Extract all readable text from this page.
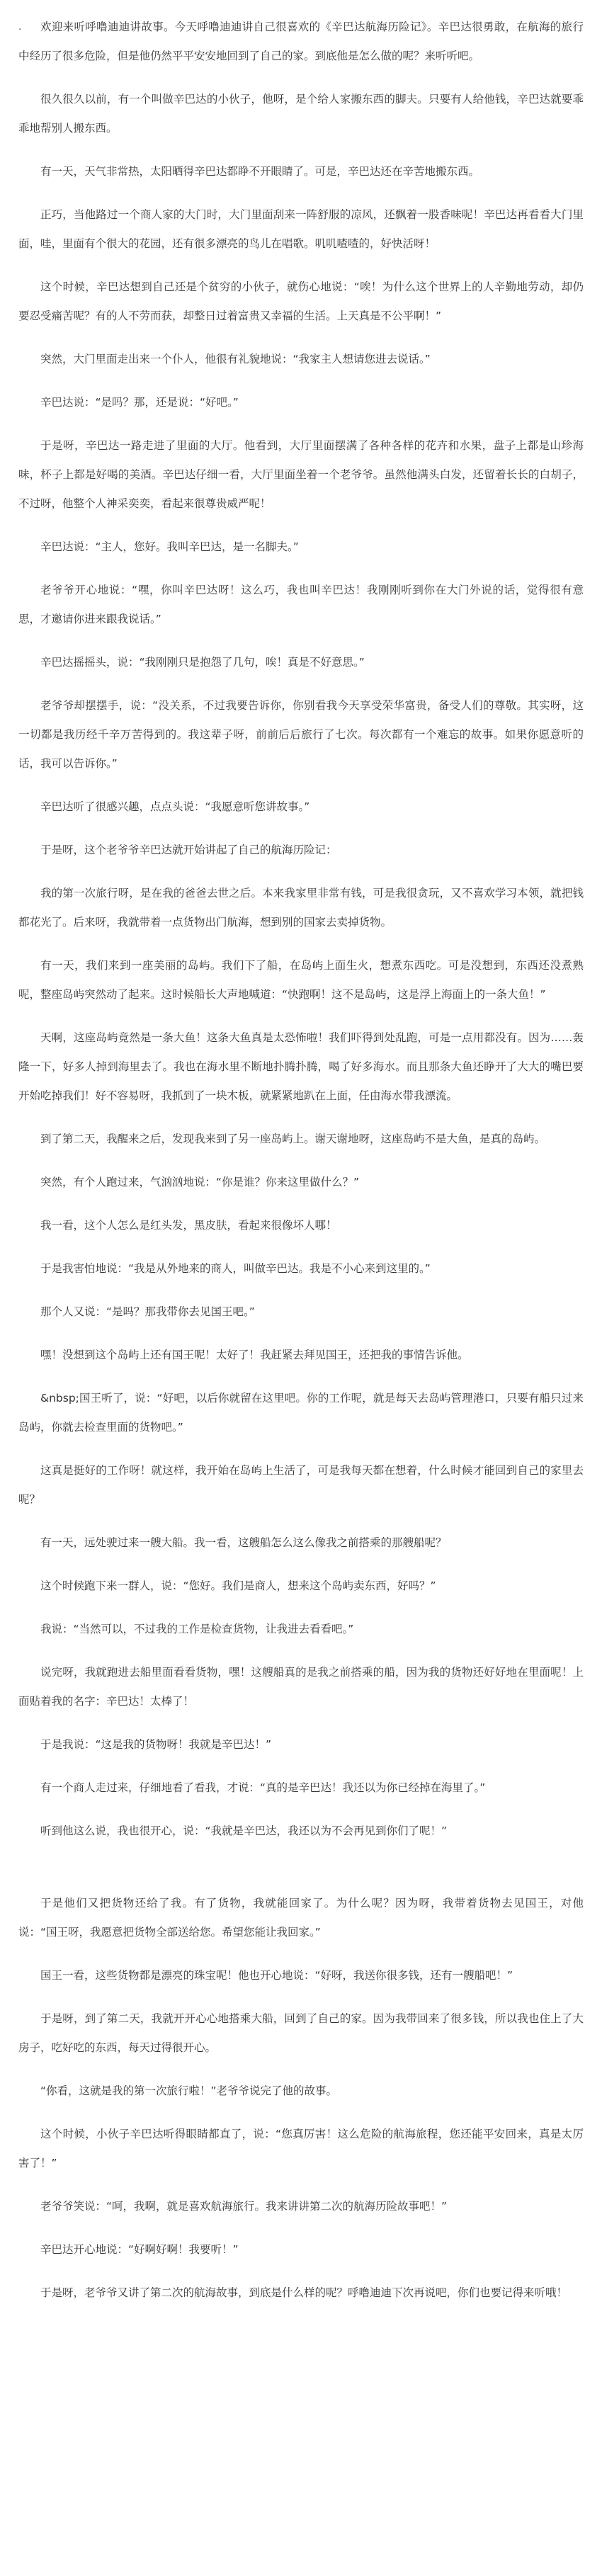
.	欢迎来听呼噜迪迪讲故事。今天呼噜迪迪讲自己很喜欢的《辛巴达航海历险记》。辛巴达很勇敢，在航海的旅行中经历了很多危险，但是他仍然平平安安地回到了自己的家。到底他是怎么做的呢？来听听吧。

很久很久以前，有一个叫做辛巴达的小伙子，他呀，是个给人家搬东西的脚夫。只要有人给他钱，辛巴达就要乖乖地帮别人搬东西。

有一天，天气非常热，太阳晒得辛巴达都睁不开眼睛了。可是，辛巴达还在辛苦地搬东西。

正巧，当他路过一个商人家的大门时，大门里面刮来一阵舒服的凉风，还飘着一股香味呢！辛巴达再看看大门里面，哇，里面有个很大的花园，还有很多漂亮的鸟儿在唱歌。叽叽喳喳的，好快活呀！

这个时候，辛巴达想到自己还是个贫穷的小伙子，就伤心地说：“唉！为什么这个世界上的人辛勤地劳动，却仍要忍受痛苦呢？有的人不劳而获，却整日过着富贵又幸福的生活。上天真是不公平啊！”

突然，大门里面走出来一个仆人，他很有礼貌地说：“我家主人想请您进去说话。”

辛巴达说：“是吗？那，还是说：“好吧。”

于是呀，辛巴达一路走进了里面的大厅。他看到，大厅里面摆满了各种各样的花卉和水果，盘子上都是山珍海味，杯子上都是好喝的美酒。辛巴达仔细一看，大厅里面坐着一个老爷爷。虽然他满头白发，还留着长长的白胡子，不过呀，他整个人神采奕奕，看起来很尊贵威严呢！

辛巴达说：“主人，您好。我叫辛巴达，是一名脚夫。”

老爷爷开心地说：“嘿，你叫辛巴达呀！这么巧，我也叫辛巴达！我刚刚听到你在大门外说的话，觉得很有意思，才邀请你进来跟我说话。”

辛巴达摇摇头，说：“我刚刚只是抱怨了几句，唉！真是不好意思。”

老爷爷却摆摆手，说：“没关系，不过我要告诉你，你别看我今天享受荣华富贵，备受人们的尊敬。其实呀，这一切都是我历经千辛万苦得到的。我这辈子呀，前前后后旅行了七次。每次都有一个难忘的故事。如果你愿意听的话，我可以告诉你。”

辛巴达听了很感兴趣，点点头说：“我愿意听您讲故事。”

于是呀，这个老爷爷辛巴达就开始讲起了自己的航海历险记：

我的第一次旅行呀，是在我的爸爸去世之后。本来我家里非常有钱，可是我很贪玩，又不喜欢学习本领，就把钱都花光了。后来呀，我就带着一点货物出门航海，想到别的国家去卖掉货物。

有一天，我们来到一座美丽的岛屿。我们下了船，在岛屿上面生火，想煮东西吃。可是没想到，东西还没煮熟呢，整座岛屿突然动了起来。这时候船长大声地喊道：“快跑啊！这不是岛屿，这是浮上海面上的一条大鱼！”

天啊，这座岛屿竟然是一条大鱼！这条大鱼真是太恐怖啦！我们吓得到处乱跑，可是一点用都没有。因为……轰隆一下，好多人掉到海里去了。我也在海水里不断地扑腾扑腾，喝了好多海水。而且那条大鱼还睁开了大大的嘴巴要开始吃掉我们！好不容易呀，我抓到了一块木板，就紧紧地趴在上面，任由海水带我漂流。

到了第二天，我醒来之后，发现我来到了另一座岛屿上。谢天谢地呀，这座岛屿不是大鱼，是真的岛屿。

突然，有个人跑过来，气汹汹地说：“你是谁？你来这里做什么？”

我一看，这个人怎么是红头发，黑皮肤，看起来很像坏人哪！

于是我害怕地说：“我是从外地来的商人，叫做辛巴达。我是不小心来到这里的。”

那个人又说：“是吗？那我带你去见国王吧。”

嘿！没想到这个岛屿上还有国王呢！太好了！我赶紧去拜见国王，还把我的事情告诉他。

&nbsp;国王听了，说：“好吧，以后你就留在这里吧。你的工作呢，就是每天去岛屿管理港口，只要有船只过来岛屿，你就去检查里面的货物吧。”

这真是挺好的工作呀！就这样，我开始在岛屿上生活了，可是我每天都在想着，什么时候才能回到自己的家里去呢？

有一天，远处驶过来一艘大船。我一看，这艘船怎么这么像我之前搭乘的那艘船呢？

这个时候跑下来一群人，说：“您好。我们是商人，想来这个岛屿卖东西，好吗？”

我说：“当然可以，不过我的工作是检查货物，让我进去看看吧。”

说完呀，我就跑进去船里面看看货物，嘿！这艘船真的是我之前搭乘的船，因为我的货物还好好地在里面呢！上面贴着我的名字：辛巴达！太棒了！

于是我说：“这是我的货物呀！我就是辛巴达！”

有一个商人走过来，仔细地看了看我，才说：“真的是辛巴达！我还以为你已经掉在海里了。”

听到他这么说，我也很开心，说：“我就是辛巴达，我还以为不会再见到你们了呢！”

于是他们又把货物还给了我。有了货物，我就能回家了。为什么呢？因为呀，我带着货物去见国王，对他说：“国王呀，我愿意把货物全部送给您。希望您能让我回家。”

国王一看，这些货物都是漂亮的珠宝呢！他也开心地说：“好呀，我送你很多钱，还有一艘船吧！”

于是呀，到了第二天，我就开开心心地搭乘大船，回到了自己的家。因为我带回来了很多钱，所以我也住上了大房子，吃好吃的东西，每天过得很开心。

“你看，这就是我的第一次旅行啦！”老爷爷说完了他的故事。

这个时候，小伙子辛巴达听得眼睛都直了，说：“您真厉害！这么危险的航海旅程，您还能平安回来，真是太厉害了！”

老爷爷笑说：“呵，我啊，就是喜欢航海旅行。我来讲讲第二次的航海历险故事吧！”

辛巴达开心地说：“好啊好啊！我要听！”

于是呀，老爷爷又讲了第二次的航海故事，到底是什么样的呢？呼噜迪迪下次再说吧，你们也要记得来听哦！
